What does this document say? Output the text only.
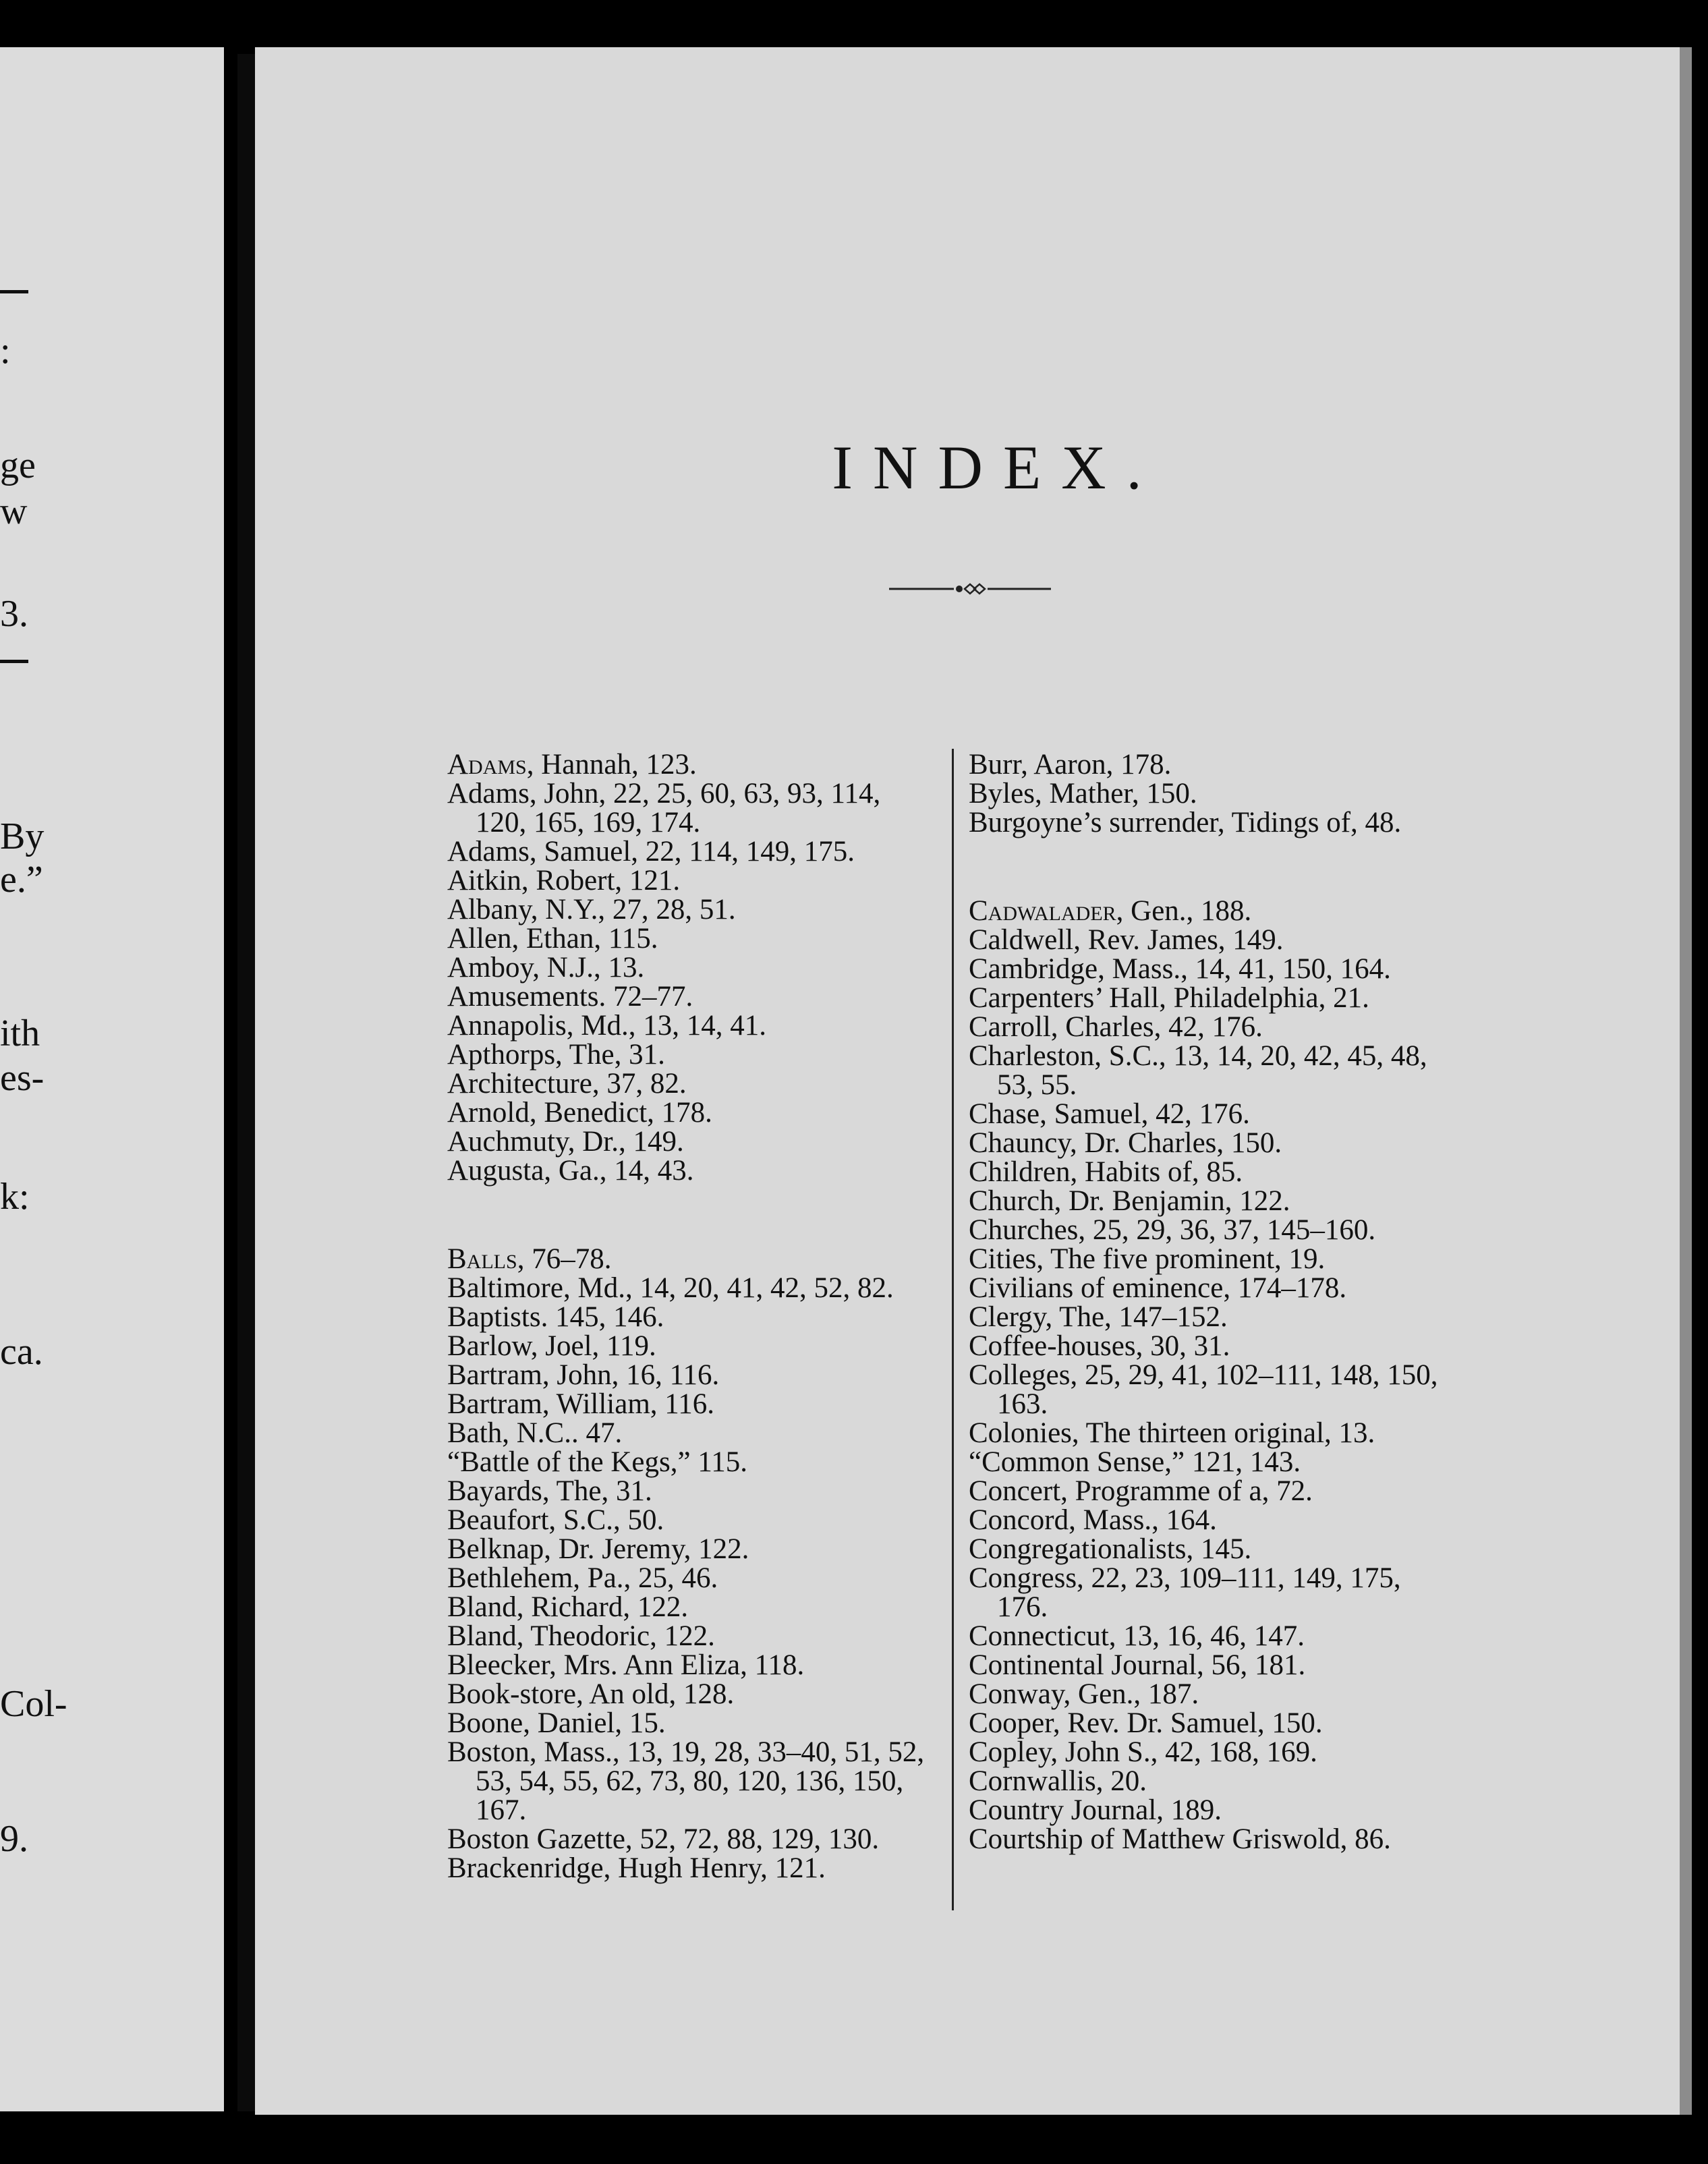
:
ge
w
3.
By
e.”
ith
es-
k:
ca.
Col-
9.
INDEX.
Adams, Hannah, 123.
Adams, John, 22, 25, 60, 63, 93, 114, 120, 165, 169, 174.
Adams, Samuel, 22, 114, 149, 175.
Aitkin, Robert, 121.
Albany, N.Y., 27, 28, 51.
Allen, Ethan, 115.
Amboy, N.J., 13.
Amusements. 72–77.
Annapolis, Md., 13, 14, 41.
Apthorps, The, 31.
Architecture, 37, 82.
Arnold, Benedict, 178.
Auchmuty, Dr., 149.
Augusta, Ga., 14, 43.
Balls, 76–78.
Baltimore, Md., 14, 20, 41, 42, 52, 82.
Baptists. 145, 146.
Barlow, Joel, 119.
Bartram, John, 16, 116.
Bartram, William, 116.
Bath, N.C.. 47.
“Battle of the Kegs,” 115.
Bayards, The, 31.
Beaufort, S.C., 50.
Belknap, Dr. Jeremy, 122.
Bethlehem, Pa., 25, 46.
Bland, Richard, 122.
Bland, Theodoric, 122.
Bleecker, Mrs. Ann Eliza, 118.
Book-store, An old, 128.
Boone, Daniel, 15.
Boston, Mass., 13, 19, 28, 33–40, 51, 52, 53, 54, 55, 62, 73, 80, 120, 136, 150, 167.
Boston Gazette, 52, 72, 88, 129, 130.
Brackenridge, Hugh Henry, 121.
Burr, Aaron, 178.
Byles, Mather, 150.
Burgoyne’s surrender, Tidings of, 48.
Cadwalader, Gen., 188.
Caldwell, Rev. James, 149.
Cambridge, Mass., 14, 41, 150, 164.
Carpenters’ Hall, Philadelphia, 21.
Carroll, Charles, 42, 176.
Charleston, S.C., 13, 14, 20, 42, 45, 48, 53, 55.
Chase, Samuel, 42, 176.
Chauncy, Dr. Charles, 150.
Children, Habits of, 85.
Church, Dr. Benjamin, 122.
Churches, 25, 29, 36, 37, 145–160.
Cities, The five prominent, 19.
Civilians of eminence, 174–178.
Clergy, The, 147–152.
Coffee-houses, 30, 31.
Colleges, 25, 29, 41, 102–111, 148, 150, 163.
Colonies, The thirteen original, 13.
“Common Sense,” 121, 143.
Concert, Programme of a, 72.
Concord, Mass., 164.
Congregationalists, 145.
Congress, 22, 23, 109–111, 149, 175, 176.
Connecticut, 13, 16, 46, 147.
Continental Journal, 56, 181.
Conway, Gen., 187.
Cooper, Rev. Dr. Samuel, 150.
Copley, John S., 42, 168, 169.
Cornwallis, 20.
Country Journal, 189.
Courtship of Matthew Griswold, 86.
